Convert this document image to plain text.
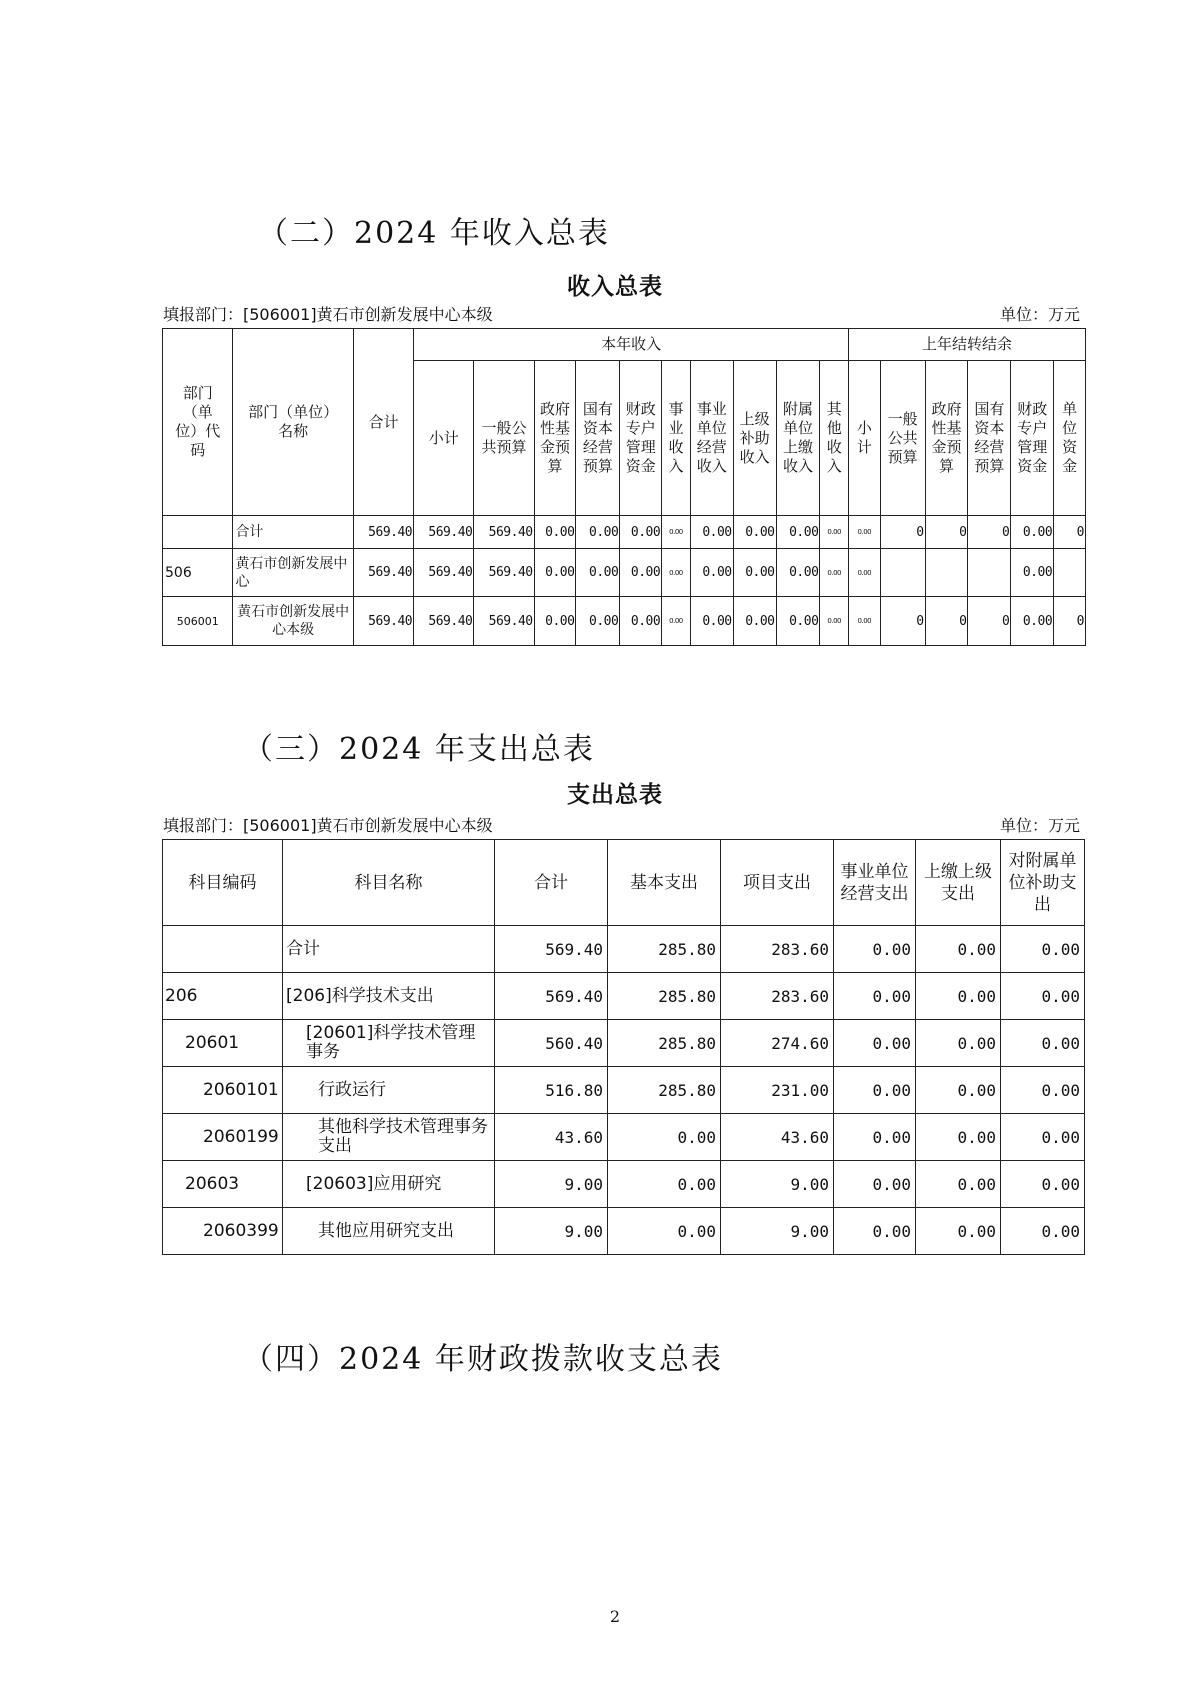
（二）2024 年收入总表
收入总表
填报部门：[506001]黄石市创新发展中心本级	单位：万元
部门（单位）代码	部门（单位）名称	合计	本年收入										上年结转结余					
			小计	一般公共预算	政府性基金预算	国有资本经营预算	财政专户管理资金	事业收入	事业单位经营收入	上级补助收入	附属单位上缴收入	其他收入	小计	一般公共预算	政府性基金预算	国有资本经营预算	财政专户管理资金	单位资金
	合计	569.40	569.40	569.40	0.00	0.00	0.00	0.00	0.00	0.00	0.00	0.00	0.00	0	0	0	0.00	0
506	黄石市创新发展中心	569.40	569.40	569.40	0.00	0.00	0.00	0.00	0.00	0.00	0.00	0.00	0.00				0.00	
506001	黄石市创新发展中心本级	569.40	569.40	569.40	0.00	0.00	0.00	0.00	0.00	0.00	0.00	0.00	0.00	0	0	0	0.00	0
（三）2024 年支出总表
支出总表
填报部门：[506001]黄石市创新发展中心本级	单位：万元
科目编码	科目名称	合计	基本支出	项目支出	事业单位经营支出	上缴上级支出	对附属单位补助支出
	合计	569.40	285.80	283.60	0.00	0.00	0.00
206	[206]科学技术支出	569.40	285.80	283.60	0.00	0.00	0.00
20601	[20601]科学技术管理事务	560.40	285.80	274.60	0.00	0.00	0.00
2060101	行政运行	516.80	285.80	231.00	0.00	0.00	0.00
2060199	其他科学技术管理事务支出	43.60	0.00	43.60	0.00	0.00	0.00
20603	[20603]应用研究	9.00	0.00	9.00	0.00	0.00	0.00
2060399	其他应用研究支出	9.00	0.00	9.00	0.00	0.00	0.00
（四）2024 年财政拨款收支总表
2
